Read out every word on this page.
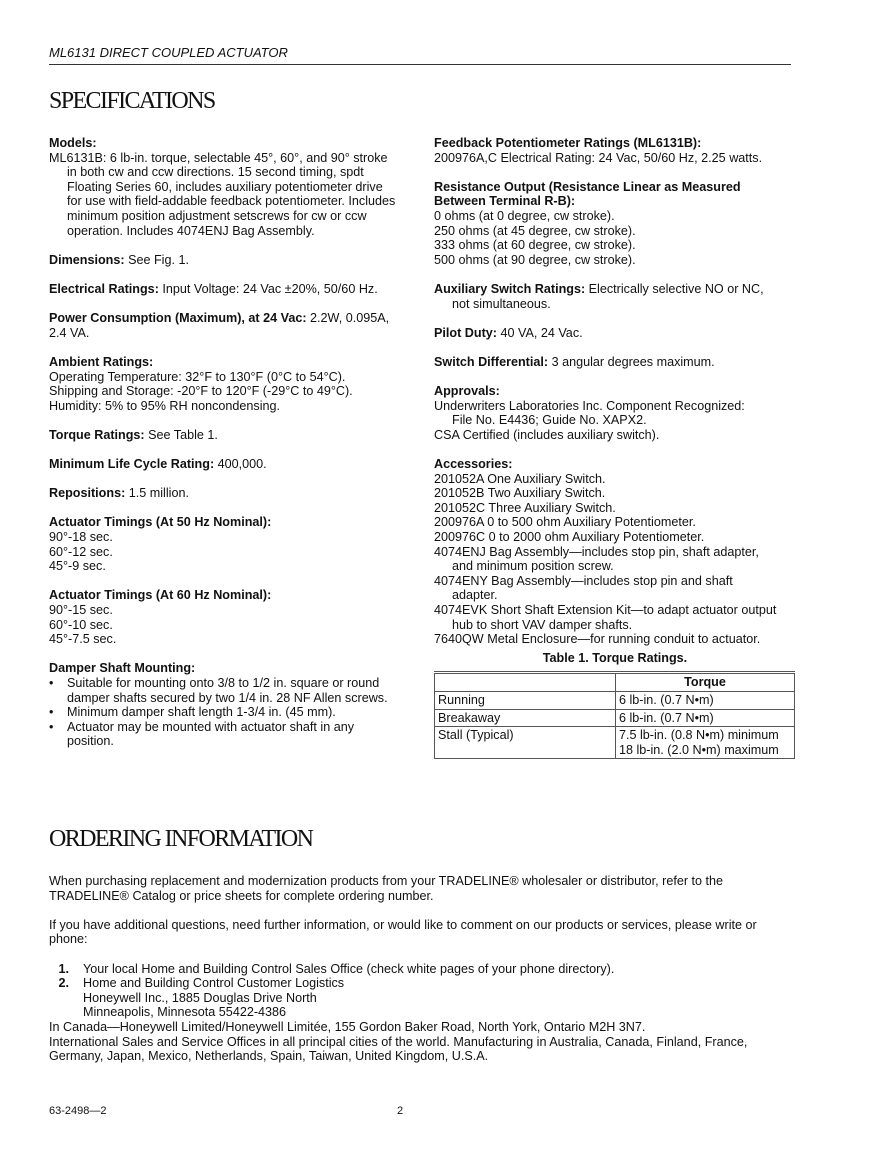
ML6131 DIRECT COUPLED ACTUATOR
SPECIFICATIONS
Models:
ML6131B: 6 lb-in. torque, selectable 45°, 60°, and 90° stroke
in both cw and ccw directions. 15 second timing, spdt
Floating Series 60, includes auxiliary potentiometer drive
for use with field-addable feedback potentiometer. Includes
minimum position adjustment setscrews for cw or ccw
operation. Includes 4074ENJ Bag Assembly.
Dimensions: See Fig. 1.
Electrical Ratings: Input Voltage: 24 Vac ±20%, 50/60 Hz.
Power Consumption (Maximum), at 24 Vac: 2.2W, 0.095A,
2.4 VA.
Ambient Ratings:
Operating Temperature: 32°F to 130°F (0°C to 54°C).
Shipping and Storage: -20°F to 120°F (-29°C to 49°C).
Humidity: 5% to 95% RH noncondensing.
Torque Ratings: See Table 1.
Minimum Life Cycle Rating: 400,000.
Repositions: 1.5 million.
Actuator Timings (At 50 Hz Nominal):
90°-18 sec.
60°-12 sec.
45°-9 sec.
Actuator Timings (At 60 Hz Nominal):
90°-15 sec.
60°-10 sec.
45°-7.5 sec.
Damper Shaft Mounting:
• Suitable for mounting onto 3/8 to 1/2 in. square or round
damper shafts secured by two 1/4 in. 28 NF Allen screws.
• Minimum damper shaft length 1-3/4 in. (45 mm).
• Actuator may be mounted with actuator shaft in any
position.
Feedback Potentiometer Ratings (ML6131B):
200976A,C Electrical Rating: 24 Vac, 50/60 Hz, 2.25 watts.
Resistance Output (Resistance Linear as Measured
Between Terminal R-B):
0 ohms (at 0 degree, cw stroke).
250 ohms (at 45 degree, cw stroke).
333 ohms (at 60 degree, cw stroke).
500 ohms (at 90 degree, cw stroke).
Auxiliary Switch Ratings: Electrically selective NO or NC,
not simultaneous.
Pilot Duty: 40 VA, 24 Vac.
Switch Differential: 3 angular degrees maximum.
Approvals:
Underwriters Laboratories Inc. Component Recognized:
File No. E4436; Guide No. XAPX2.
CSA Certified (includes auxiliary switch).
Accessories:
201052A One Auxiliary Switch.
201052B Two Auxiliary Switch.
201052C Three Auxiliary Switch.
200976A 0 to 500 ohm Auxiliary Potentiometer.
200976C 0 to 2000 ohm Auxiliary Potentiometer.
4074ENJ Bag Assembly—includes stop pin, shaft adapter,
and minimum position screw.
4074ENY Bag Assembly—includes stop pin and shaft
adapter.
4074EVK Short Shaft Extension Kit—to adapt actuator output
hub to short VAV damper shafts.
7640QW Metal Enclosure—for running conduit to actuator.
Table 1. Torque Ratings.
	Torque
Running	6 lb-in. (0.7 N•m)
Breakaway	6 lb-in. (0.7 N•m)
Stall (Typical)	7.5 lb-in. (0.8 N•m) minimum
18 lb-in. (2.0 N•m) maximum
ORDERING INFORMATION

When purchasing replacement and modernization products from your TRADELINE® wholesaler or distributor, refer to the
TRADELINE® Catalog or price sheets for complete ordering number.

If you have additional questions, need further information, or would like to comment on our products or services, please write or
phone:

1.	Your local Home and Building Control Sales Office (check white pages of your phone directory).
2. Home and Building Control Customer Logistics
Honeywell Inc., 1885 Douglas Drive North
Minneapolis, Minnesota 55422-4386
In Canada—Honeywell Limited/Honeywell Limitée, 155 Gordon Baker Road, North York, Ontario M2H 3N7.
International Sales and Service Offices in all principal cities of the world. Manufacturing in Australia, Canada, Finland, France,
Germany, Japan, Mexico, Netherlands, Spain, Taiwan, United Kingdom, U.S.A.
63-2498—2	2
